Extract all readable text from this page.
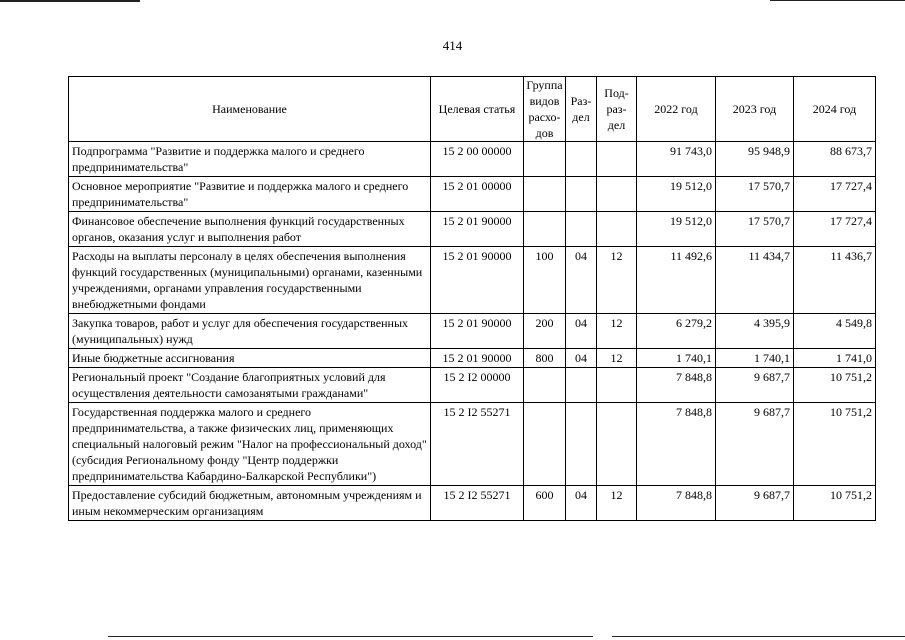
414
Наименование	Целевая статья	Группа
видов
расхо-
дов	Раз-
дел	Под-
раз-
дел	2022 год	2023 год	2024 год
Подпрограмма "Развитие и поддержка малого и среднего предпринимательства"	15 2 00 00000				91 743,0	95 948,9	88 673,7
Основное мероприятие "Развитие и поддержка малого и среднего предпринимательства"	15 2 01 00000				19 512,0	17 570,7	17 727,4
Финансовое обеспечение выполнения функций государственных органов, оказания услуг и выполнения работ	15 2 01 90000				19 512,0	17 570,7	17 727,4
Расходы на выплаты персоналу в целях обеспечения выполнения функций государственных (муниципальными) органами, казенными учреждениями, органами управления государственными внебюджетными фондами	15 2 01 90000	100	04	12	11 492,6	11 434,7	11 436,7
Закупка товаров, работ и услуг для обеспечения государственных (муниципальных) нужд	15 2 01 90000	200	04	12	6 279,2	4 395,9	4 549,8
Иные бюджетные ассигнования	15 2 01 90000	800	04	12	1 740,1	1 740,1	1 741,0
Региональный проект "Создание благоприятных условий для осуществления деятельности самозанятыми гражданами"	15 2 I2 00000				7 848,8	9 687,7	10 751,2
Государственная поддержка малого и среднего предпринимательства, а также физических лиц, применяющих специальный налоговый режим "Налог на профессиональный доход" (субсидия Региональному фонду "Центр поддержки предпринимательства Кабардино-Балкарской Республики")	15 2 I2 55271				7 848,8	9 687,7	10 751,2
Предоставление субсидий бюджетным, автономным учреждениям и иным некоммерческим организациям	15 2 I2 55271	600	04	12	7 848,8	9 687,7	10 751,2
